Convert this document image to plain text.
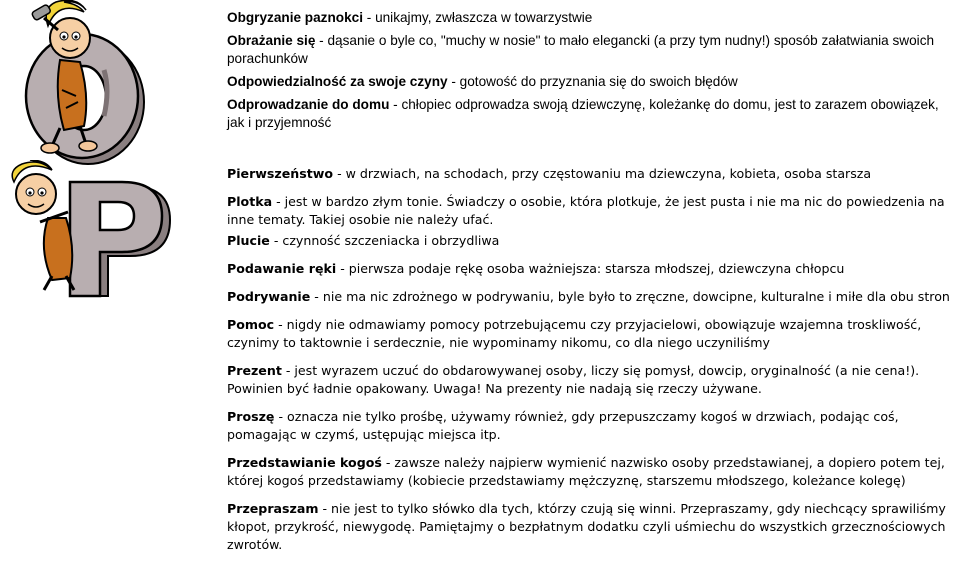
Obgryzanie paznokci - unikajmy, zwłaszcza w towarzystwie

Obrażanie się - dąsanie o byle co, "muchy w nosie" to mało elegancki (a przy tym nudny!) sposób załatwiania swoich porachunków

Odpowiedzialność za swoje czyny - gotowość do przyznania się do swoich błędów

Odprowadzanie do domu - chłopiec odprowadza swoją dziewczynę, koleżankę do domu, jest to zarazem obowiązek, jak i przyjemność

Pierwszeństwo - w drzwiach, na schodach, przy częstowaniu ma dziewczyna, kobieta, osoba starsza

Plotka - jest w bardzo złym tonie. Świadczy o osobie, która plotkuje, że jest pusta i nie ma nic do powiedzenia na inne tematy. Takiej osobie nie należy ufać.

Plucie - czynność szczeniacka i obrzydliwa

Podawanie ręki - pierwsza podaje rękę osoba ważniejsza: starsza młodszej, dziewczyna chłopcu

Podrywanie - nie ma nic zdrożnego w podrywaniu, byle było to zręczne, dowcipne, kulturalne i miłe dla obu stron

Pomoc - nigdy nie odmawiamy pomocy potrzebującemu czy przyjacielowi, obowiązuje wzajemna troskliwość, czynimy to taktownie i serdecznie, nie wypominamy nikomu, co dla niego uczyniliśmy

Prezent - jest wyrazem uczuć do obdarowywanej osoby, liczy się pomysł, dowcip, oryginalność (a nie cena!). Powinien być ładnie opakowany. Uwaga! Na prezenty nie nadają się rzeczy używane.

Proszę - oznacza nie tylko prośbę, używamy również, gdy przepuszczamy kogoś w drzwiach, podając coś, pomagając w czymś, ustępując miejsca itp.

Przedstawianie kogoś - zawsze należy najpierw wymienić nazwisko osoby przedstawianej, a dopiero potem tej, której kogoś przedstawiamy (kobiecie przedstawiamy mężczyznę, starszemu młodszego, koleżance kolegę)

Przepraszam - nie jest to tylko słówko dla tych, którzy czują się winni. Przepraszamy, gdy niechcący sprawiliśmy kłopot, przykrość, niewygodę. Pamiętajmy o bezpłatnym dodatku czyli uśmiechu do wszystkich grzecznościowych zwrotów.
